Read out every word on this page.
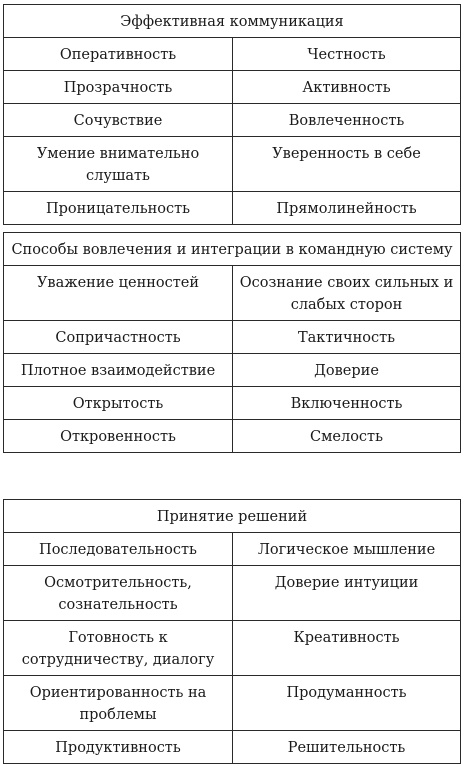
Эффективная коммуникация	
Оперативность	Честность
Прозрачность	Активность
Сочувствие	Вовлеченность
Умение внимательно слушать	Уверенность в себе
Проницательность	Прямолинейность
Способы вовлечения и интеграции в командную систему	
Уважение ценностей	Осознание своих сильных и слабых сторон
Сопричастность	Тактичность
Плотное взаимодействие	Доверие
Открытость	Включенность
Откровенность	Смелость
Принятие решений	
Последовательность	Логическое мышление
Осмотрительность, сознательность	Доверие интуиции
Готовность к сотрудничеству, диалогу	Креативность
Ориентированность на проблемы	Продуманность
Продуктивность	Решительность
